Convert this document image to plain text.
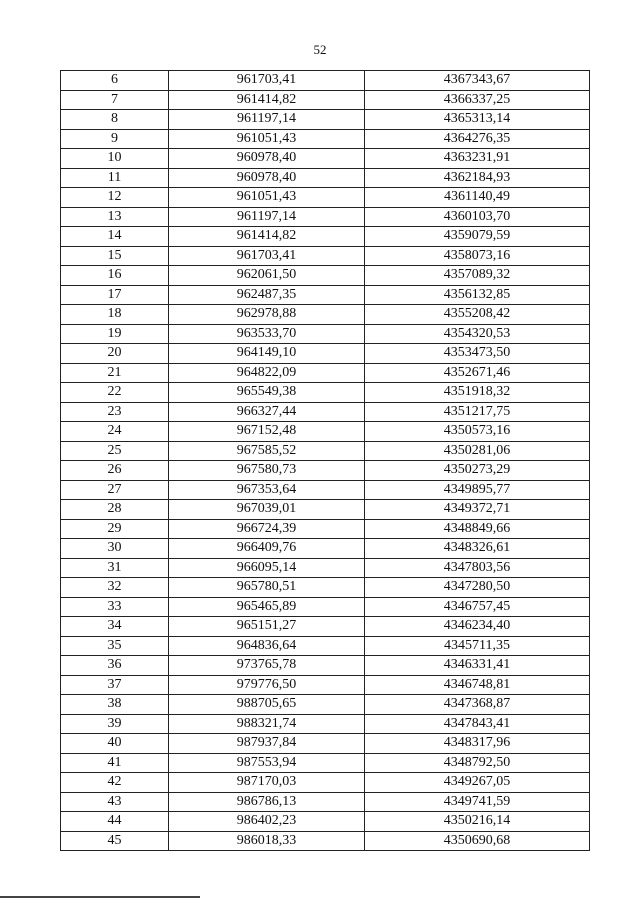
52
6	961703,41	4367343,67
7	961414,82	4366337,25
8	961197,14	4365313,14
9	961051,43	4364276,35
10	960978,40	4363231,91
11	960978,40	4362184,93
12	961051,43	4361140,49
13	961197,14	4360103,70
14	961414,82	4359079,59
15	961703,41	4358073,16
16	962061,50	4357089,32
17	962487,35	4356132,85
18	962978,88	4355208,42
19	963533,70	4354320,53
20	964149,10	4353473,50
21	964822,09	4352671,46
22	965549,38	4351918,32
23	966327,44	4351217,75
24	967152,48	4350573,16
25	967585,52	4350281,06
26	967580,73	4350273,29
27	967353,64	4349895,77
28	967039,01	4349372,71
29	966724,39	4348849,66
30	966409,76	4348326,61
31	966095,14	4347803,56
32	965780,51	4347280,50
33	965465,89	4346757,45
34	965151,27	4346234,40
35	964836,64	4345711,35
36	973765,78	4346331,41
37	979776,50	4346748,81
38	988705,65	4347368,87
39	988321,74	4347843,41
40	987937,84	4348317,96
41	987553,94	4348792,50
42	987170,03	4349267,05
43	986786,13	4349741,59
44	986402,23	4350216,14
45	986018,33	4350690,68
